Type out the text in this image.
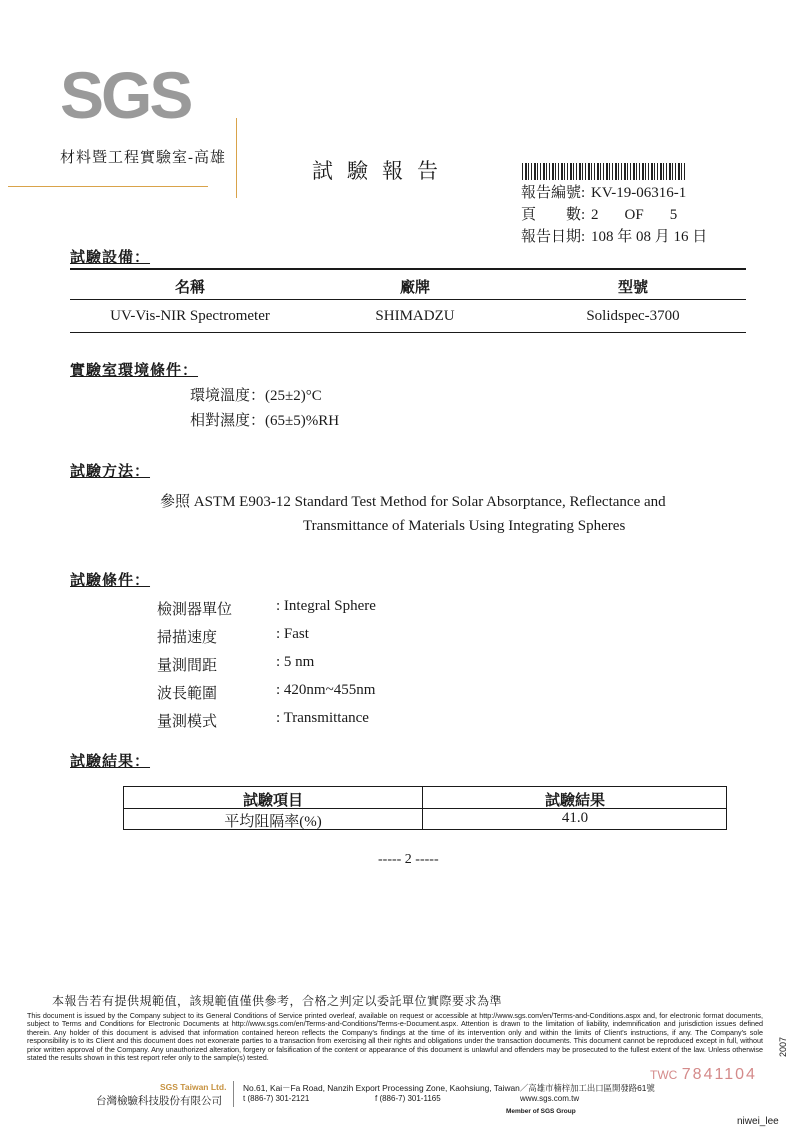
SGS
材料暨工程實驗室-高雄
試驗報告
報告編號: KV-19-06316-1
頁　　數: 2 OF 5
報告日期: 108 年 08 月 16 日
試驗設備：
名稱	廠牌	型號
UV-Vis-NIR Spectrometer	SHIMADZU	Solidspec-3700
實驗室環境條件：
環境溫度：(25±2)°C
相對濕度：(65±5)%RH
試驗方法：
參照 ASTM E903-12 Standard Test Method for Solar Absorptance, Reflectance and
Transmittance of Materials Using Integrating Spheres
試驗條件：
檢測器單位	: Integral Sphere
掃描速度	: Fast
量測間距	: 5 nm
波長範圍	: 420nm~455nm
量測模式	: Transmittance
試驗結果：
試驗項目	試驗結果
平均阻隔率(%)	41.0
----- 2 -----
本報告若有提供規範值，該規範值僅供參考，合格之判定以委託單位實際要求為準
This document is issued by the Company subject to its General Conditions of Service printed overleaf, available on request or accessible at http://www.sgs.com/en/Terms-and-Conditions.aspx and, for electronic format documents, subject to Terms and Conditions for Electronic Documents at http://www.sgs.com/en/Terms-and-Conditions/Terms-e-Document.aspx. Attention is drawn to the limitation of liability, indemnification and jurisdiction issues defined therein. Any holder of this document is advised that information contained hereon reflects the Company's findings at the time of its intervention only and within the limits of Client's instructions, if any. The Company's sole responsibility is to its Client and this document does not exonerate parties to a transaction from exercising all their rights and obligations under the transaction documents. This document cannot be reproduced except in full, without prior written approval of the Company. Any unauthorized alteration, forgery or falsification of the content or appearance of this document is unlawful and offenders may be prosecuted to the fullest extent of the law. Unless otherwise stated the results shown in this test report refer only to the sample(s) tested.
SGS Taiwan Ltd.
台灣檢驗科技股份有限公司
No.61, Kai－Fa Road, Nanzih Export Processing Zone, Kaohsiung, Taiwan／高雄市楠梓加工出口區開發路61號
t (886-7) 301-2121	f (886-7) 301-1165	www.sgs.com.tw
Member of SGS Group
TWC 7841104
2007
niwei_lee
